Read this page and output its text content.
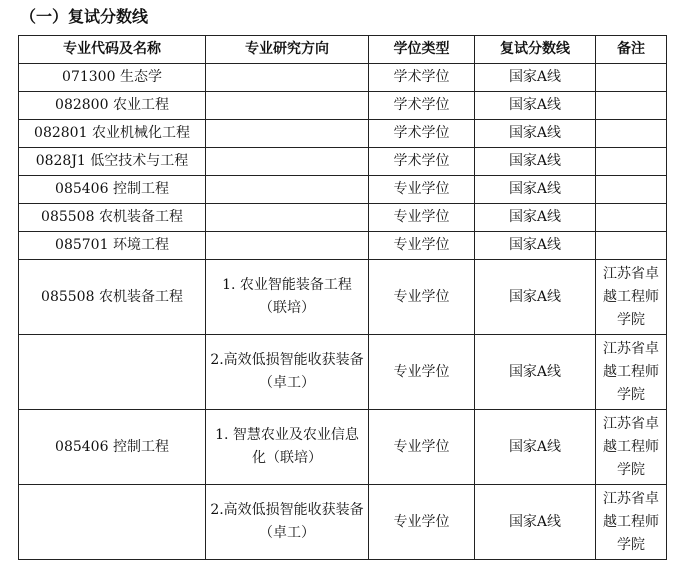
（一）复试分数线
专业代码及名称	专业研究方向	学位类型	复试分数线	备注
071300 生态学		学术学位	国家A线	
082800 农业工程		学术学位	国家A线	
082801 农业机械化工程		学术学位	国家A线	
0828J1 低空技术与工程		学术学位	国家A线	
085406 控制工程		专业学位	国家A线	
085508 农机装备工程		专业学位	国家A线	
085701 环境工程		专业学位	国家A线	
085508 农机装备工程	1. 农业智能装备工程（联培）	专业学位	国家A线	江苏省卓越工程师学院
	2.高效低损智能收获装备（卓工）	专业学位	国家A线	江苏省卓越工程师学院
085406 控制工程	1. 智慧农业及农业信息化（联培）	专业学位	国家A线	江苏省卓越工程师学院
	2.高效低损智能收获装备（卓工）	专业学位	国家A线	江苏省卓越工程师学院
